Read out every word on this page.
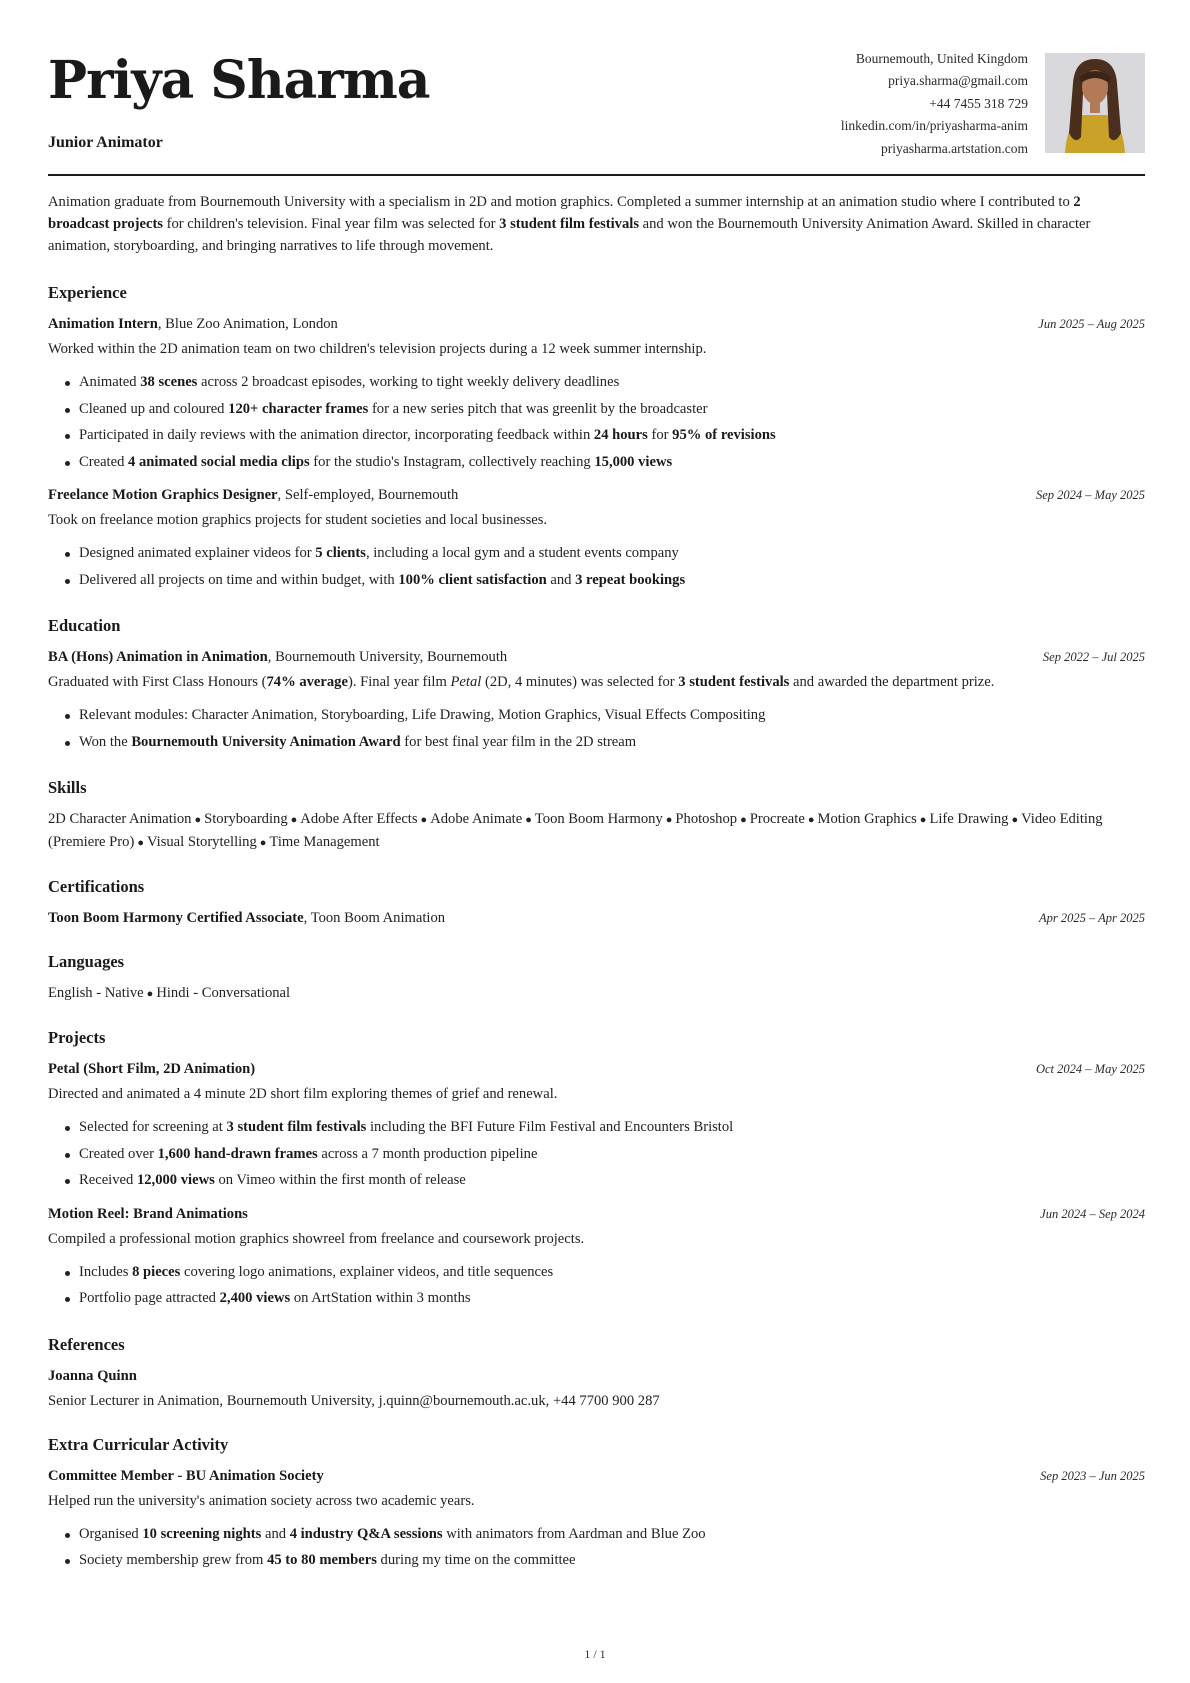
Priya Sharma
Junior Animator
Bournemouth, United Kingdom
priya.sharma@gmail.com
+44 7455 318 729
linkedin.com/in/priyasharma-anim
priyasharma.artstation.com

Animation graduate from Bournemouth University with a specialism in 2D and motion graphics. Completed a summer internship at an animation studio where I contributed to 2 broadcast projects for children's television. Final year film was selected for 3 student film festivals and won the Bournemouth University Animation Award. Skilled in character animation, storyboarding, and bringing narratives to life through movement.

Experience
Animation Intern, Blue Zoo Animation, London	Jun 2025 – Aug 2025
Worked within the 2D animation team on two children's television projects during a 12 week summer internship.
Animated 38 scenes across 2 broadcast episodes, working to tight weekly delivery deadlines
Cleaned up and coloured 120+ character frames for a new series pitch that was greenlit by the broadcaster
Participated in daily reviews with the animation director, incorporating feedback within 24 hours for 95% of revisions
Created 4 animated social media clips for the studio's Instagram, collectively reaching 15,000 views
Freelance Motion Graphics Designer, Self-employed, Bournemouth	Sep 2024 – May 2025
Took on freelance motion graphics projects for student societies and local businesses.
Designed animated explainer videos for 5 clients, including a local gym and a student events company
Delivered all projects on time and within budget, with 100% client satisfaction and 3 repeat bookings
Education
BA (Hons) Animation in Animation, Bournemouth University, Bournemouth	Sep 2022 – Jul 2025
Graduated with First Class Honours (74% average). Final year film Petal (2D, 4 minutes) was selected for 3 student festivals and awarded the department prize.
Relevant modules: Character Animation, Storyboarding, Life Drawing, Motion Graphics, Visual Effects Compositing
Won the Bournemouth University Animation Award for best final year film in the 2D stream
Skills
2D Character Animation ● Storyboarding ● Adobe After Effects ● Adobe Animate ● Toon Boom Harmony ● Photoshop ● Procreate ● Motion Graphics ● Life Drawing ● Video Editing (Premiere Pro) ● Visual Storytelling ● Time Management
Certifications
Toon Boom Harmony Certified Associate, Toon Boom Animation	Apr 2025 – Apr 2025
Languages
English - Native ● Hindi - Conversational
Projects
Petal (Short Film, 2D Animation)	Oct 2024 – May 2025
Directed and animated a 4 minute 2D short film exploring themes of grief and renewal.
Selected for screening at 3 student film festivals including the BFI Future Film Festival and Encounters Bristol
Created over 1,600 hand-drawn frames across a 7 month production pipeline
Received 12,000 views on Vimeo within the first month of release
Motion Reel: Brand Animations	Jun 2024 – Sep 2024
Compiled a professional motion graphics showreel from freelance and coursework projects.
Includes 8 pieces covering logo animations, explainer videos, and title sequences
Portfolio page attracted 2,400 views on ArtStation within 3 months
References
Joanna Quinn
Senior Lecturer in Animation, Bournemouth University, j.quinn@bournemouth.ac.uk, +44 7700 900 287
Extra Curricular Activity
Committee Member - BU Animation Society	Sep 2023 – Jun 2025
Helped run the university's animation society across two academic years.
Organised 10 screening nights and 4 industry Q&A sessions with animators from Aardman and Blue Zoo
Society membership grew from 45 to 80 members during my time on the committee
1 / 1
